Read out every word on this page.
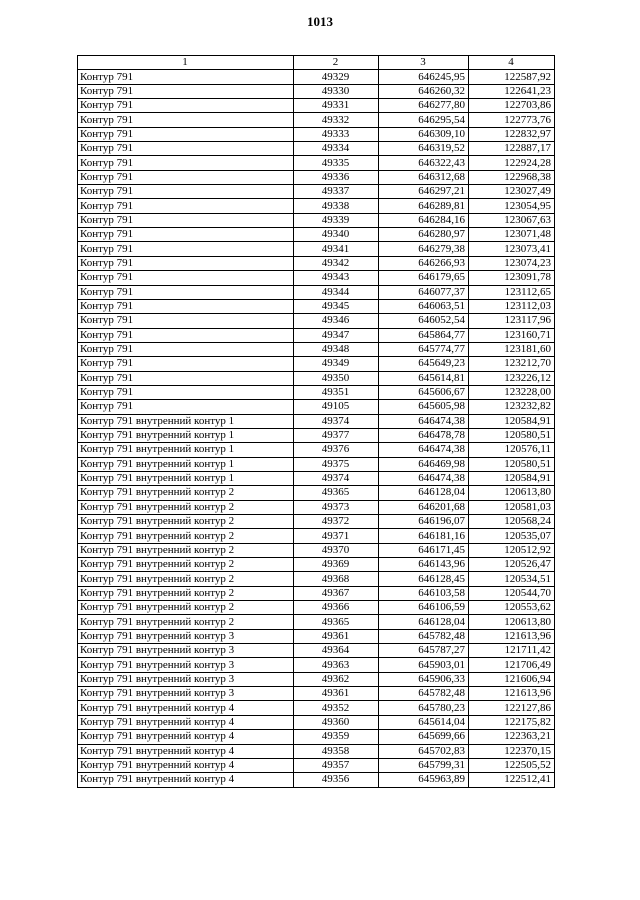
1013
1	2	3	4
Контур 791	49329	646245,95	122587,92
Контур 791	49330	646260,32	122641,23
Контур 791	49331	646277,80	122703,86
Контур 791	49332	646295,54	122773,76
Контур 791	49333	646309,10	122832,97
Контур 791	49334	646319,52	122887,17
Контур 791	49335	646322,43	122924,28
Контур 791	49336	646312,68	122968,38
Контур 791	49337	646297,21	123027,49
Контур 791	49338	646289,81	123054,95
Контур 791	49339	646284,16	123067,63
Контур 791	49340	646280,97	123071,48
Контур 791	49341	646279,38	123073,41
Контур 791	49342	646266,93	123074,23
Контур 791	49343	646179,65	123091,78
Контур 791	49344	646077,37	123112,65
Контур 791	49345	646063,51	123112,03
Контур 791	49346	646052,54	123117,96
Контур 791	49347	645864,77	123160,71
Контур 791	49348	645774,77	123181,60
Контур 791	49349	645649,23	123212,70
Контур 791	49350	645614,81	123226,12
Контур 791	49351	645606,67	123228,00
Контур 791	49105	645605,98	123232,82
Контур 791 внутренний контур 1	49374	646474,38	120584,91
Контур 791 внутренний контур 1	49377	646478,78	120580,51
Контур 791 внутренний контур 1	49376	646474,38	120576,11
Контур 791 внутренний контур 1	49375	646469,98	120580,51
Контур 791 внутренний контур 1	49374	646474,38	120584,91
Контур 791 внутренний контур 2	49365	646128,04	120613,80
Контур 791 внутренний контур 2	49373	646201,68	120581,03
Контур 791 внутренний контур 2	49372	646196,07	120568,24
Контур 791 внутренний контур 2	49371	646181,16	120535,07
Контур 791 внутренний контур 2	49370	646171,45	120512,92
Контур 791 внутренний контур 2	49369	646143,96	120526,47
Контур 791 внутренний контур 2	49368	646128,45	120534,51
Контур 791 внутренний контур 2	49367	646103,58	120544,70
Контур 791 внутренний контур 2	49366	646106,59	120553,62
Контур 791 внутренний контур 2	49365	646128,04	120613,80
Контур 791 внутренний контур 3	49361	645782,48	121613,96
Контур 791 внутренний контур 3	49364	645787,27	121711,42
Контур 791 внутренний контур 3	49363	645903,01	121706,49
Контур 791 внутренний контур 3	49362	645906,33	121606,94
Контур 791 внутренний контур 3	49361	645782,48	121613,96
Контур 791 внутренний контур 4	49352	645780,23	122127,86
Контур 791 внутренний контур 4	49360	645614,04	122175,82
Контур 791 внутренний контур 4	49359	645699,66	122363,21
Контур 791 внутренний контур 4	49358	645702,83	122370,15
Контур 791 внутренний контур 4	49357	645799,31	122505,52
Контур 791 внутренний контур 4	49356	645963,89	122512,41
